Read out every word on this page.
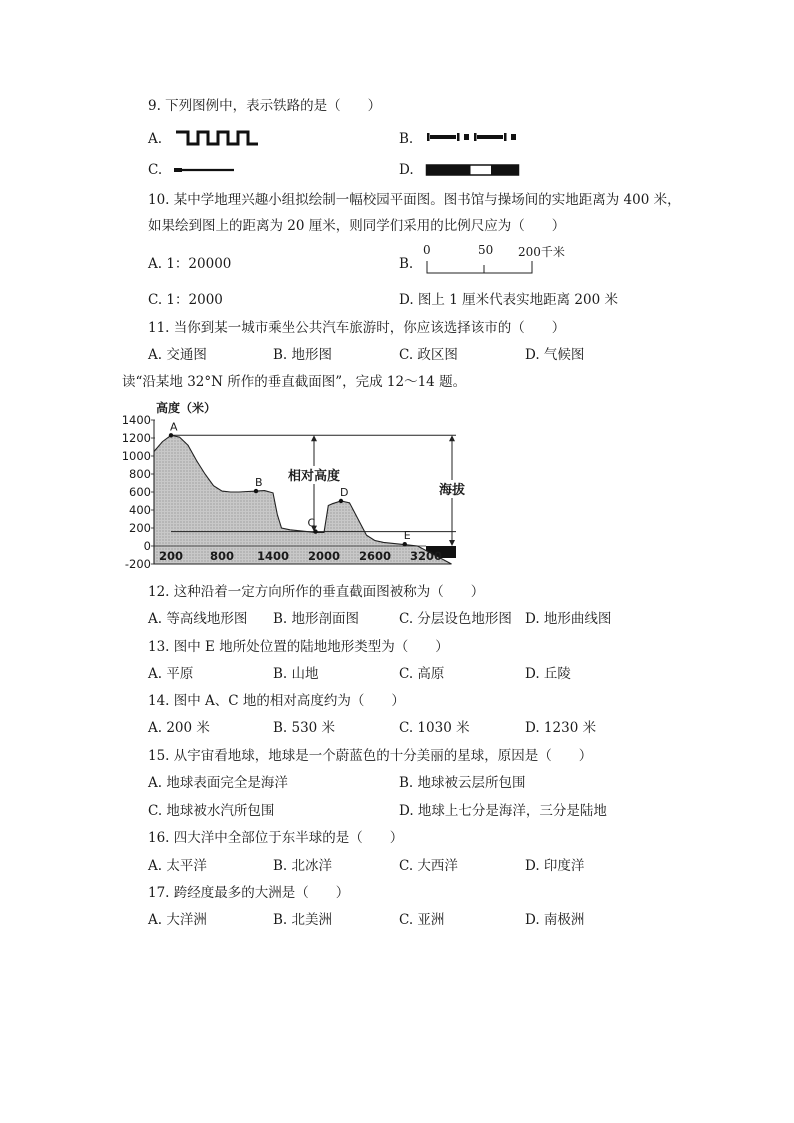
9. 下列图例中，表示铁路的是（　　）
A.	B.
C.	D.
10. 某中学地理兴趣小组拟绘制一幅校园平面图。图书馆与操场间的实地距离为 400 米，
如果绘到图上的距离为 20 厘米，则同学们采用的比例尺应为（　　）
A. 1：20000	B.
0	50 200千米
C. 1：2000	D. 图上 1 厘米代表实地距离 200 米
11. 当你到某一城市乘坐公共汽车旅游时，你应该选择该市的（　　）
A. 交通图	B. 地形图	C. 政区图	D. 气候图
读“沿某地 32°N 所作的垂直截面图”，完成 12～14 题。
高度（米）
1400
1200
1000
800
600
400
200
0
-200
相对高度
海拔
A
B
C
D
E
200 800 1400 2000 2600 3200
12. 这种沿着一定方向所作的垂直截面图被称为（　　）
A. 等高线地形图 B. 地形剖面图	C. 分层设色地形图 D. 地形曲线图
13. 图中 E 地所处位置的陆地地形类型为（　　）
A. 平原	B. 山地	C. 高原	D. 丘陵
14. 图中 A、C 地的相对高度约为（　　）
A. 200 米	B. 530 米	C. 1030 米	D. 1230 米
15. 从宇宙看地球，地球是一个蔚蓝色的十分美丽的星球，原因是（　　）
A. 地球表面完全是海洋	B. 地球被云层所包围
C. 地球被水汽所包围	D. 地球上七分是海洋，三分是陆地
16. 四大洋中全部位于东半球的是（　　）
A. 太平洋	B. 北冰洋	C. 大西洋	D. 印度洋
17. 跨经度最多的大洲是（　　）
A. 大洋洲	B. 北美洲	C. 亚洲	D. 南极洲
